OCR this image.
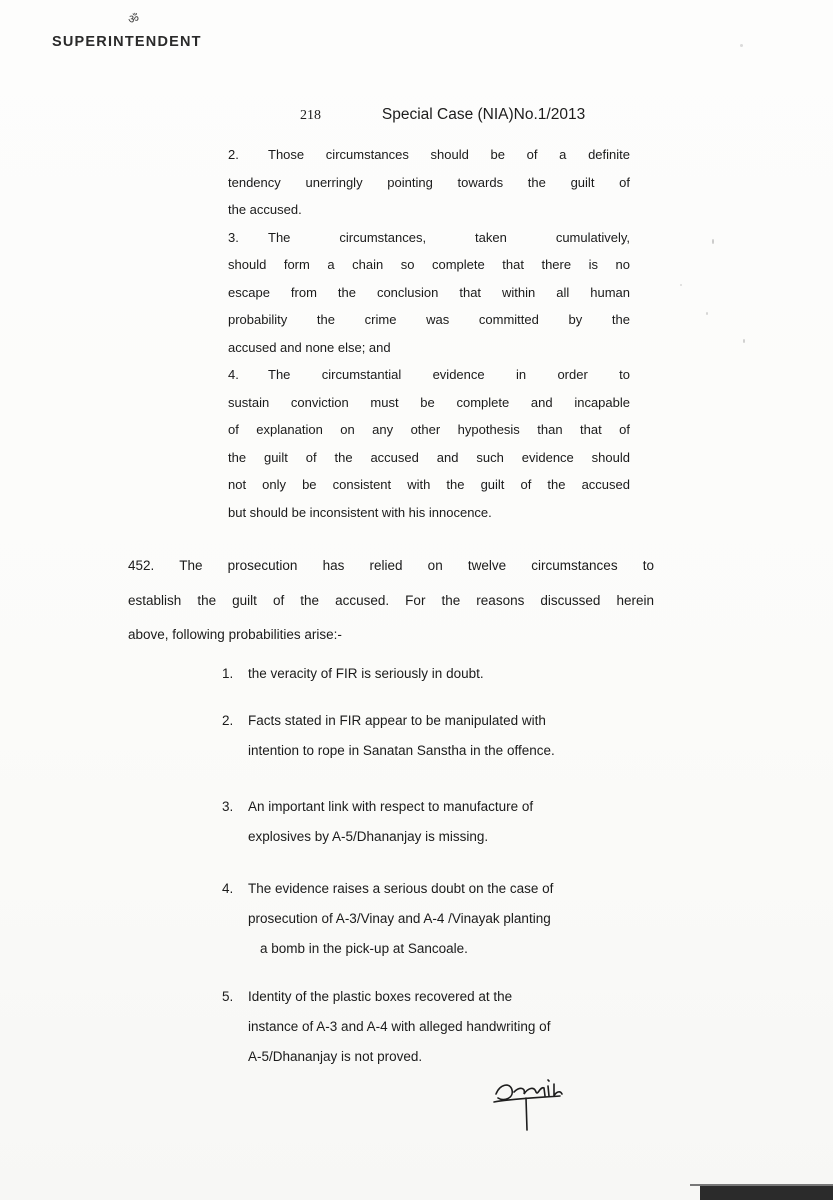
ॐ
SUPERINTENDENT
218	Special Case (NIA)No.1/2013

2. Those circumstances should be of a definite

tendency unerringly pointing towards the guilt of

the accused.

3. The circumstances, taken cumulatively,

should form a chain so complete that there is no

escape from the conclusion that within all human

probability the crime was committed by the

accused and none else; and

4. The circumstantial evidence in order to

sustain conviction must be complete and incapable

of explanation on any other hypothesis than that of

the guilt of the accused and such evidence should

not only be consistent with the guilt of the accused

but should be inconsistent with his innocence.

452. The prosecution has relied on twelve circumstances to

establish the guilt of the accused. For the reasons discussed herein

above, following probabilities arise:-

1. the veracity of FIR is seriously in doubt.
2. Facts stated in FIR appear to be manipulated with
intention to rope in Sanatan Sanstha in the offence.
3. An important link with respect to manufacture of
explosives by A-5/Dhananjay is missing.
4. The evidence raises a serious doubt on the case of
prosecution of A-3/Vinay and A-4 /Vinayak planting
a bomb in the pick-up at Sancoale.
5. Identity of the plastic boxes recovered at the
instance of A-3 and A-4 with alleged handwriting of
A-5/Dhananjay is not proved.
